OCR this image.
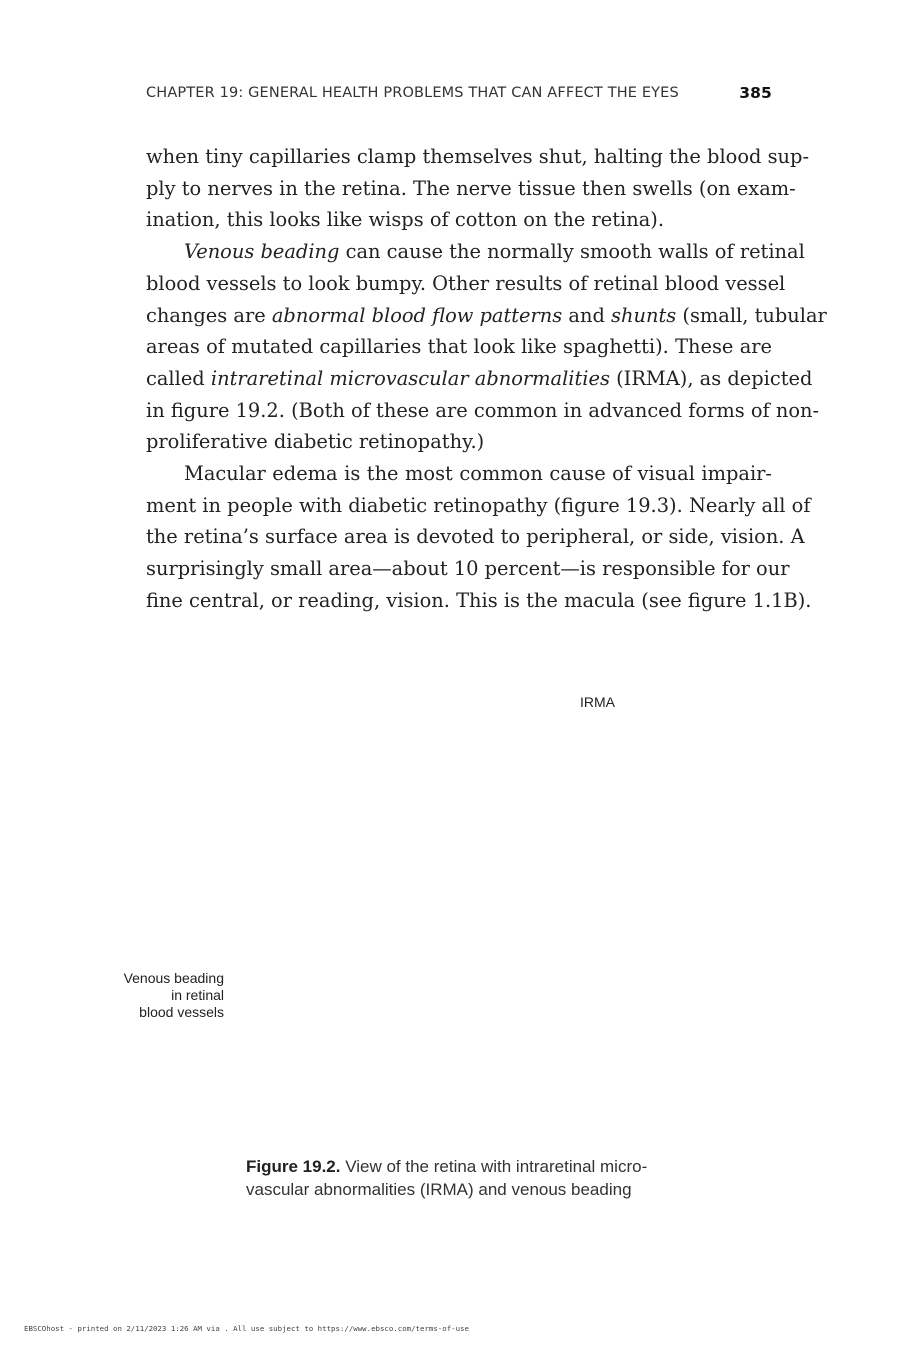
CHAPTER 19: GENERAL HEALTH PROBLEMS THAT CAN AFFECT THE EYES	385
when tiny capillaries clamp themselves shut, halting the blood sup-
ply to nerves in the retina. The nerve tissue then swells (on exam-
ination, this looks like wisps of cotton on the retina).
Venous beading can cause the normally smooth walls of retinal
blood vessels to look bumpy. Other results of retinal blood vessel
changes are abnormal blood flow patterns and shunts (small, tubular
areas of mutated capillaries that look like spaghetti). These are
called intraretinal microvascular abnormalities (IRMA), as depicted
in figure 19.2. (Both of these are common in advanced forms of non-
proliferative diabetic retinopathy.)
Macular edema is the most common cause of visual impair-
ment in people with diabetic retinopathy (figure 19.3). Nearly all of
the retina’s surface area is devoted to peripheral, or side, vision. A
surprisingly small area—about 10 percent—is responsible for our
fine central, or reading, vision. This is the macula (see figure 1.1B).
IRMA
Venous beading
in retinal
blood vessels
Figure 19.2. View of the retina with intraretinal micro-
vascular abnormalities (IRMA) and venous beading
EBSCOhost - printed on 2/11/2023 1:26 AM via . All use subject to https://www.ebsco.com/terms-of-use
